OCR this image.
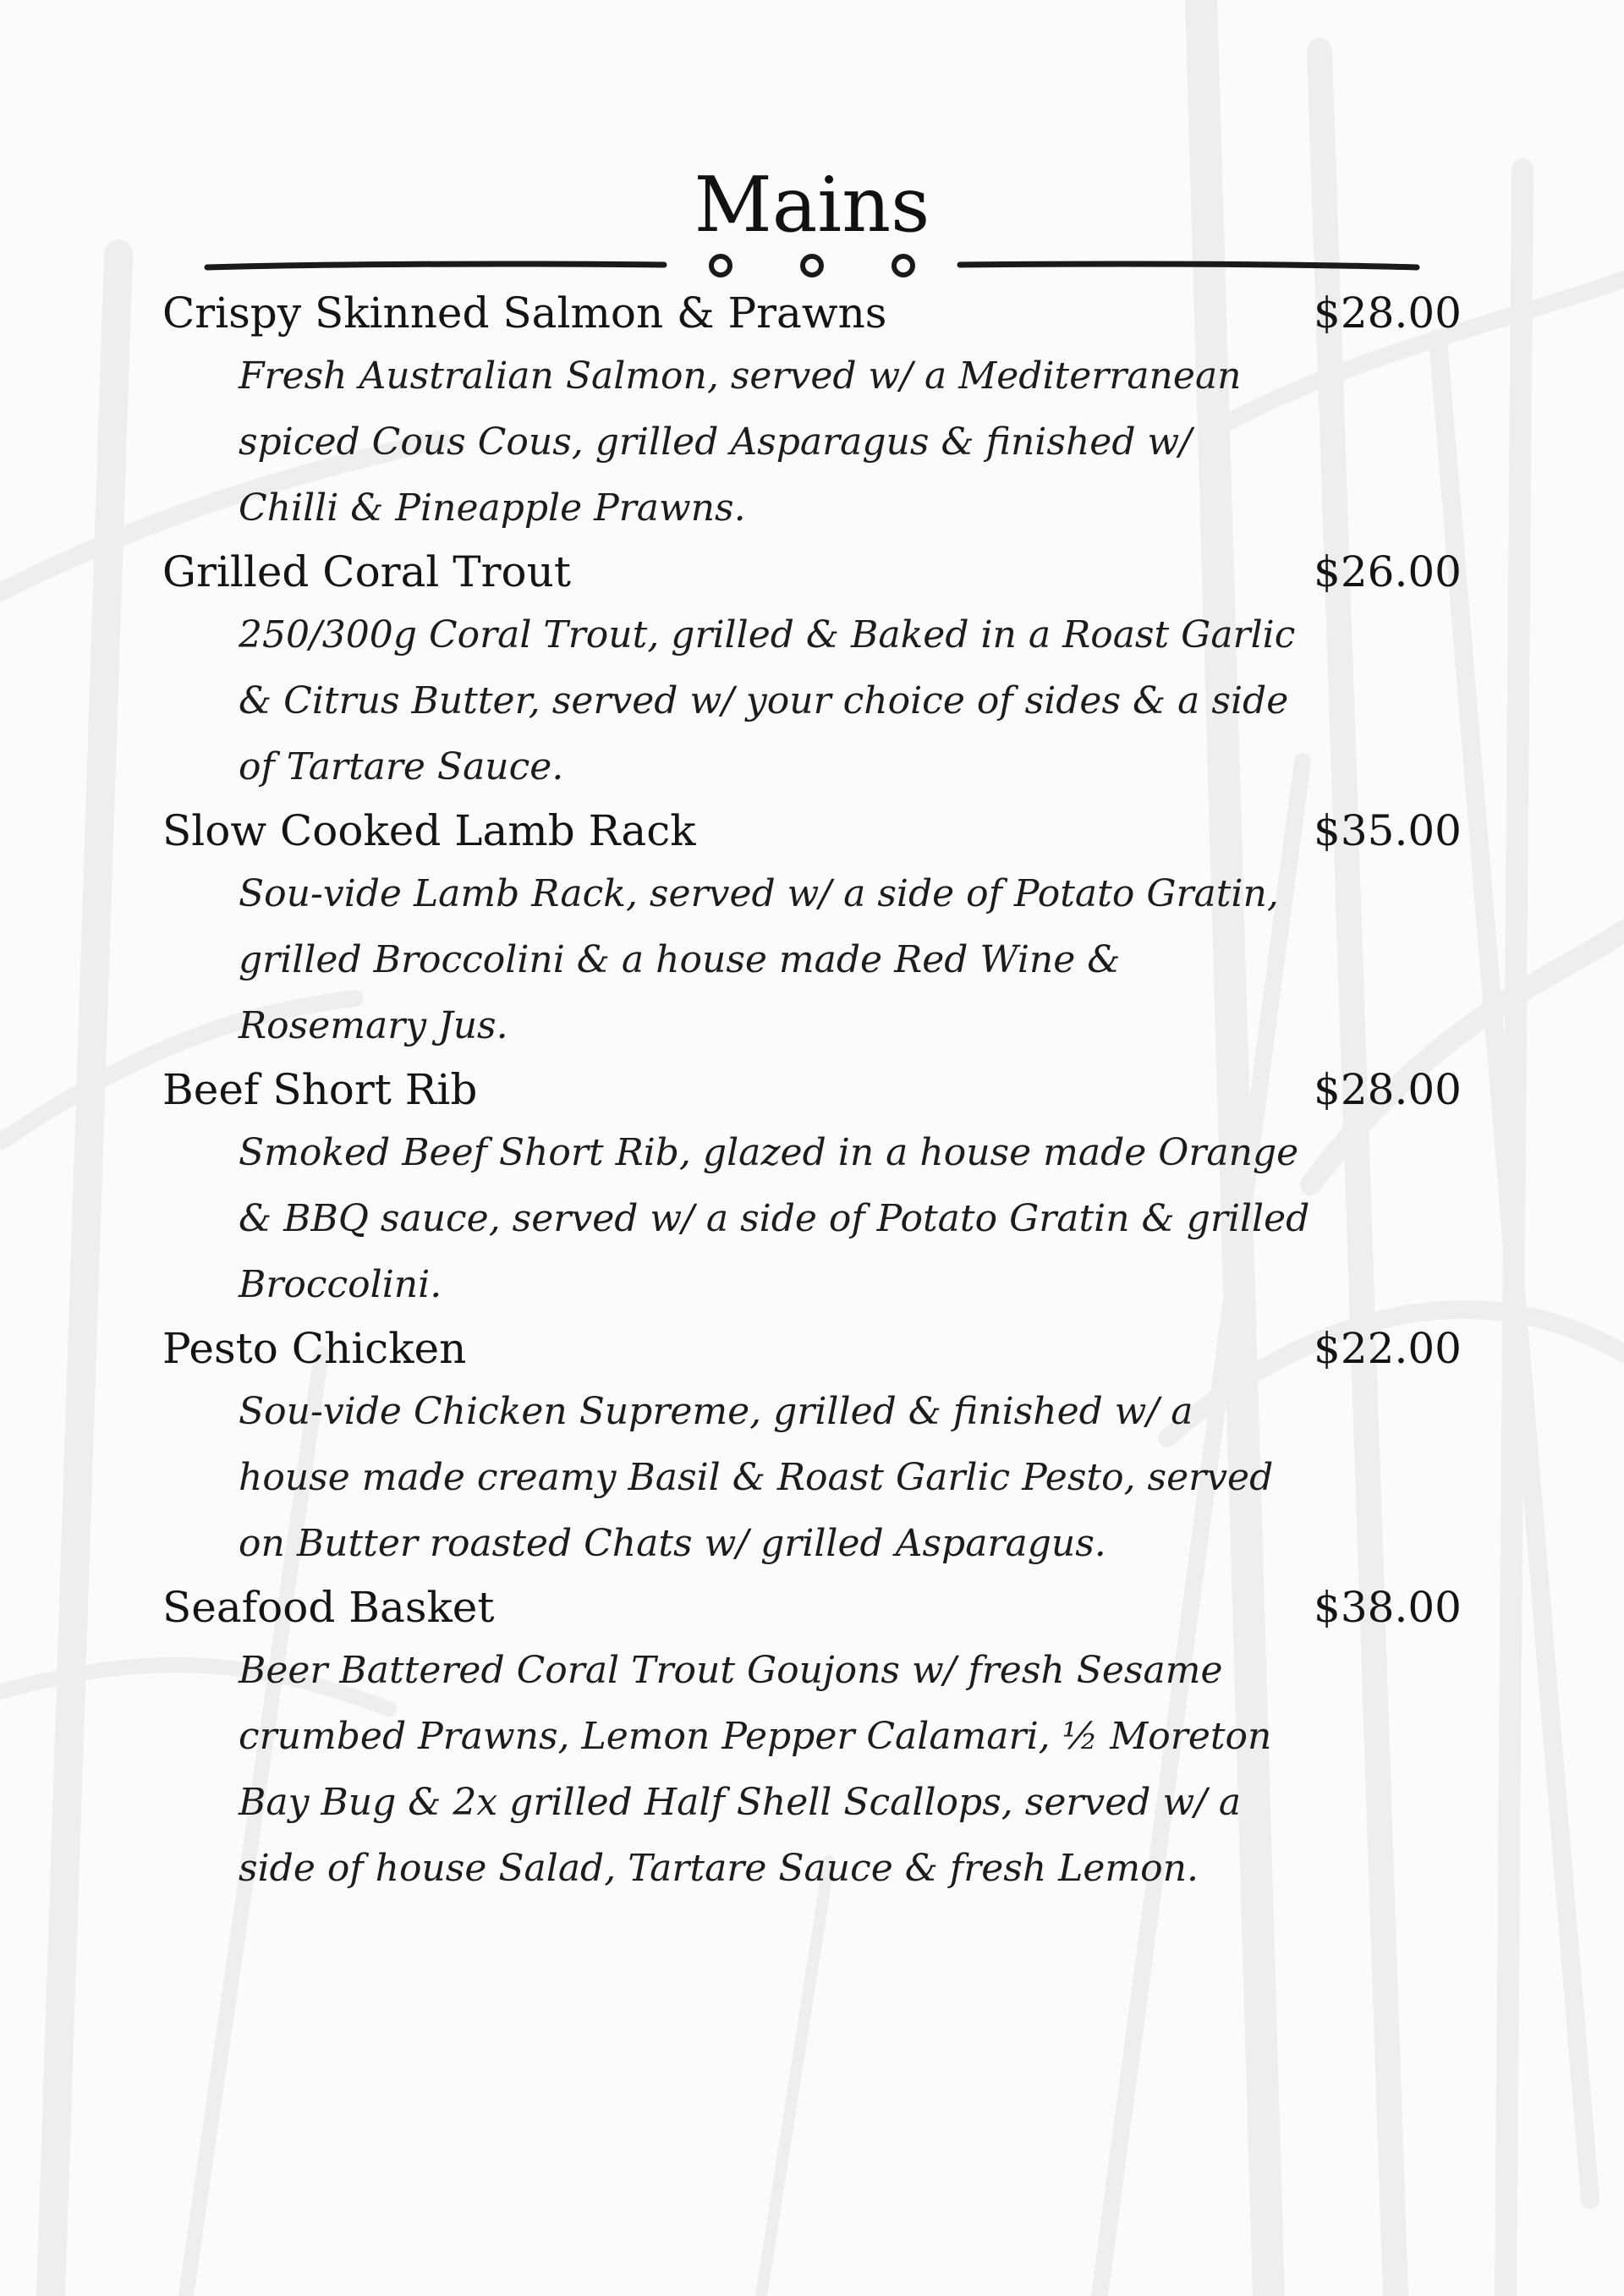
Mains
Crispy Skinned Salmon & Prawns	$28.00
Fresh Australian Salmon, served w/ a Mediterranean
spiced Cous Cous, grilled Asparagus & finished w/
Chilli & Pineapple Prawns.
Grilled Coral Trout	$26.00
250/300g Coral Trout, grilled & Baked in a Roast Garlic
& Citrus Butter, served w/ your choice of sides & a side
of Tartare Sauce.
Slow Cooked Lamb Rack	$35.00
Sou-vide Lamb Rack, served w/ a side of Potato Gratin,
grilled Broccolini & a house made Red Wine &
Rosemary Jus.
Beef Short Rib	$28.00
Smoked Beef Short Rib, glazed in a house made Orange
& BBQ sauce, served w/ a side of Potato Gratin & grilled
Broccolini.
Pesto Chicken	$22.00
Sou-vide Chicken Supreme, grilled & finished w/ a
house made creamy Basil & Roast Garlic Pesto, served
on Butter roasted Chats w/ grilled Asparagus.
Seafood Basket	$38.00
Beer Battered Coral Trout Goujons w/ fresh Sesame
crumbed Prawns, Lemon Pepper Calamari, ½ Moreton
Bay Bug & 2x grilled Half Shell Scallops, served w/ a
side of house Salad, Tartare Sauce & fresh Lemon.
